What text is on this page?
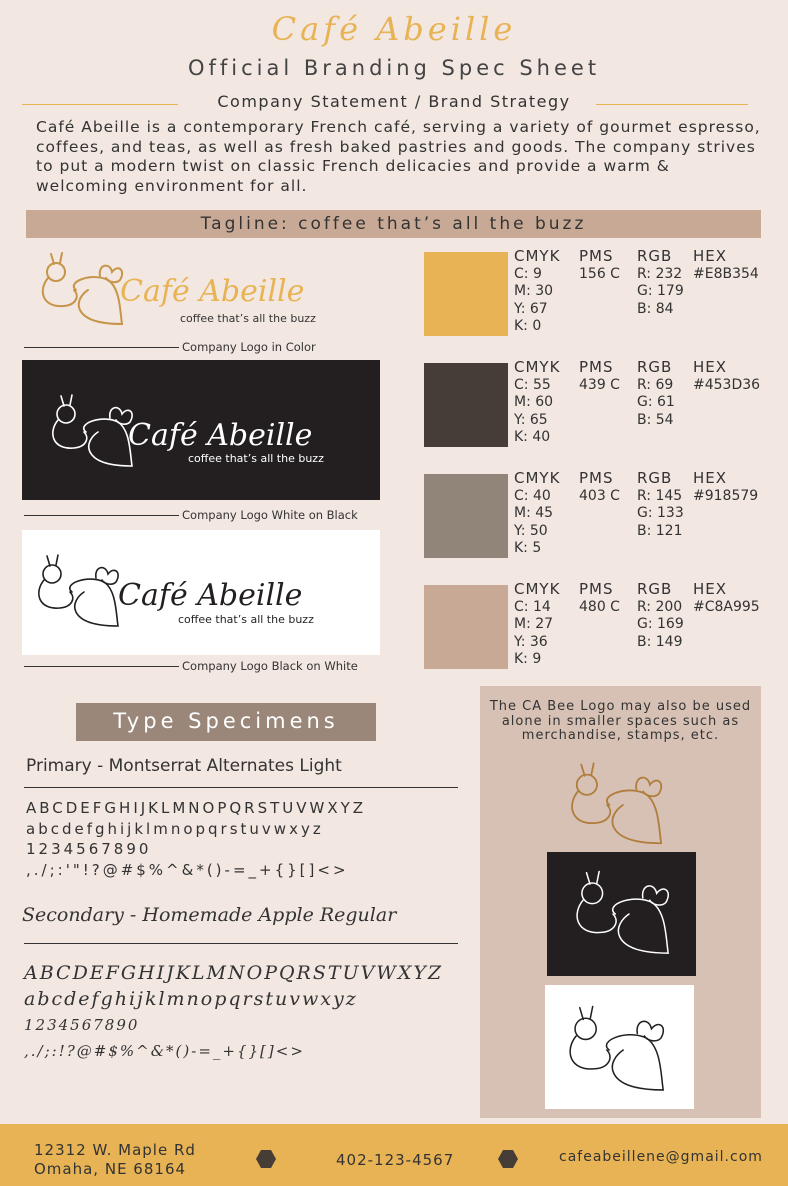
Café Abeille
Official Branding Spec Sheet
Company Statement / Brand Strategy
Café Abeille is a contemporary French café, serving a variety of gourmet espresso, coffees, and teas, as well as fresh baked pastries and goods. The company strives to put a modern twist on classic French delicacies and provide a warm & welcoming environment for all.
Tagline: coffee that’s all the buzz
Café Abeille
coffee that’s all the buzz
Company Logo in Color
Café Abeille
coffee that’s all the buzz
Company Logo White on Black
Café Abeille
coffee that’s all the buzz
Company Logo Black on White
CMYK
C: 9
M: 30
Y: 67
K: 0
PMS
156 C
RGB
R: 232
G: 179
B: 84
HEX
#E8B354
CMYK
C: 55
M: 60
Y: 65
K: 40
PMS
439 C
RGB
R: 69
G: 61
B: 54
HEX
#453D36
CMYK
C: 40
M: 45
Y: 50
K: 5
PMS
403 C
RGB
R: 145
G: 133
B: 121
HEX
#918579
CMYK
C: 14
M: 27
Y: 36
K: 9
PMS
480 C
RGB
R: 200
G: 169
B: 149
HEX
#C8A995
Type Specimens
Primary - Montserrat Alternates Light
ABCDEFGHIJKLMNOPQRSTUVWXYZ
abcdefghijklmnopqrstuvwxyz
1234567890
,./;:'"!?@#$%^&*()-=_+{}[]<>
Secondary - Homemade Apple Regular
ABCDEFGHIJKLMNOPQRSTUVWXYZ
abcdefghijklmnopqrstuvwxyz
1234567890
,./;:!?@#$%^&*()-=_+{}[]<>
The CA Bee Logo may also be used alone in smaller spaces such as merchandise, stamps, etc.
12312 W. Maple Rd
Omaha, NE 68164	402-123-4567	cafeabeillene@gmail.com
